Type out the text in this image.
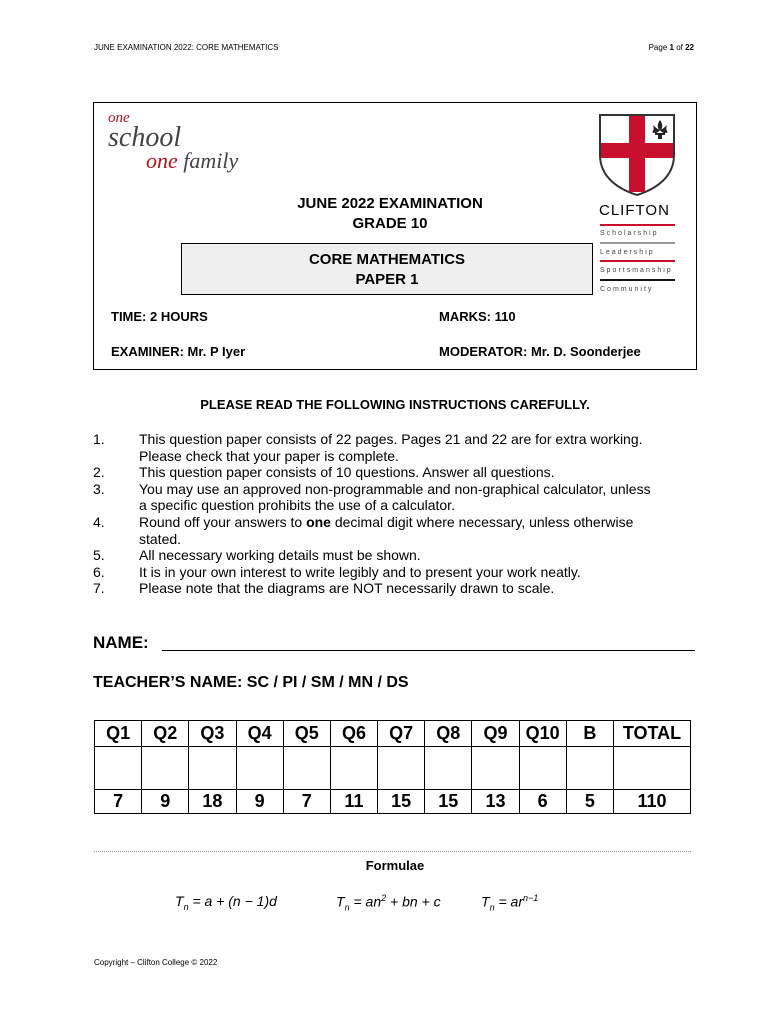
JUNE EXAMINATION 2022: CORE MATHEMATICS	Page 1 of 22
one
school
one family
JUNE 2022 EXAMINATION
GRADE 10
CORE MATHEMATICS
PAPER 1
TIME: 2 HOURS	MARKS: 110
EXAMINER: Mr. P Iyer	MODERATOR: Mr. D. Soonderjee
CLIFTON
Scholarship
Leadership
Sportsmanship
Community
PLEASE READ THE FOLLOWING INSTRUCTIONS CAREFULLY.
1.	This question paper consists of 22 pages. Pages 21 and 22 are for extra working. Please check that your paper is complete.
2.	This question paper consists of 10 questions. Answer all questions.
3.	You may use an approved non-programmable and non-graphical calculator, unless a specific question prohibits the use of a calculator.
4.	Round off your answers to one decimal digit where necessary, unless otherwise stated.
5.	All necessary working details must be shown.
6.	It is in your own interest to write legibly and to present your work neatly.
7.	Please note that the diagrams are NOT necessarily drawn to scale.
NAME:
TEACHER’S NAME: SC / PI / SM / MN / DS
Q1	Q2	Q3	Q4	Q5	Q6	Q7	Q8	Q9	Q10	B	TOTAL

7	9	18	9	7	11	15	15	13	6	5	110
Formulae
$T_n = a + (n - 1)d$	$T_n = an^2$ + bn + c	$T_n = ar^{n-1}$
Copyright – Clifton College © 2022
